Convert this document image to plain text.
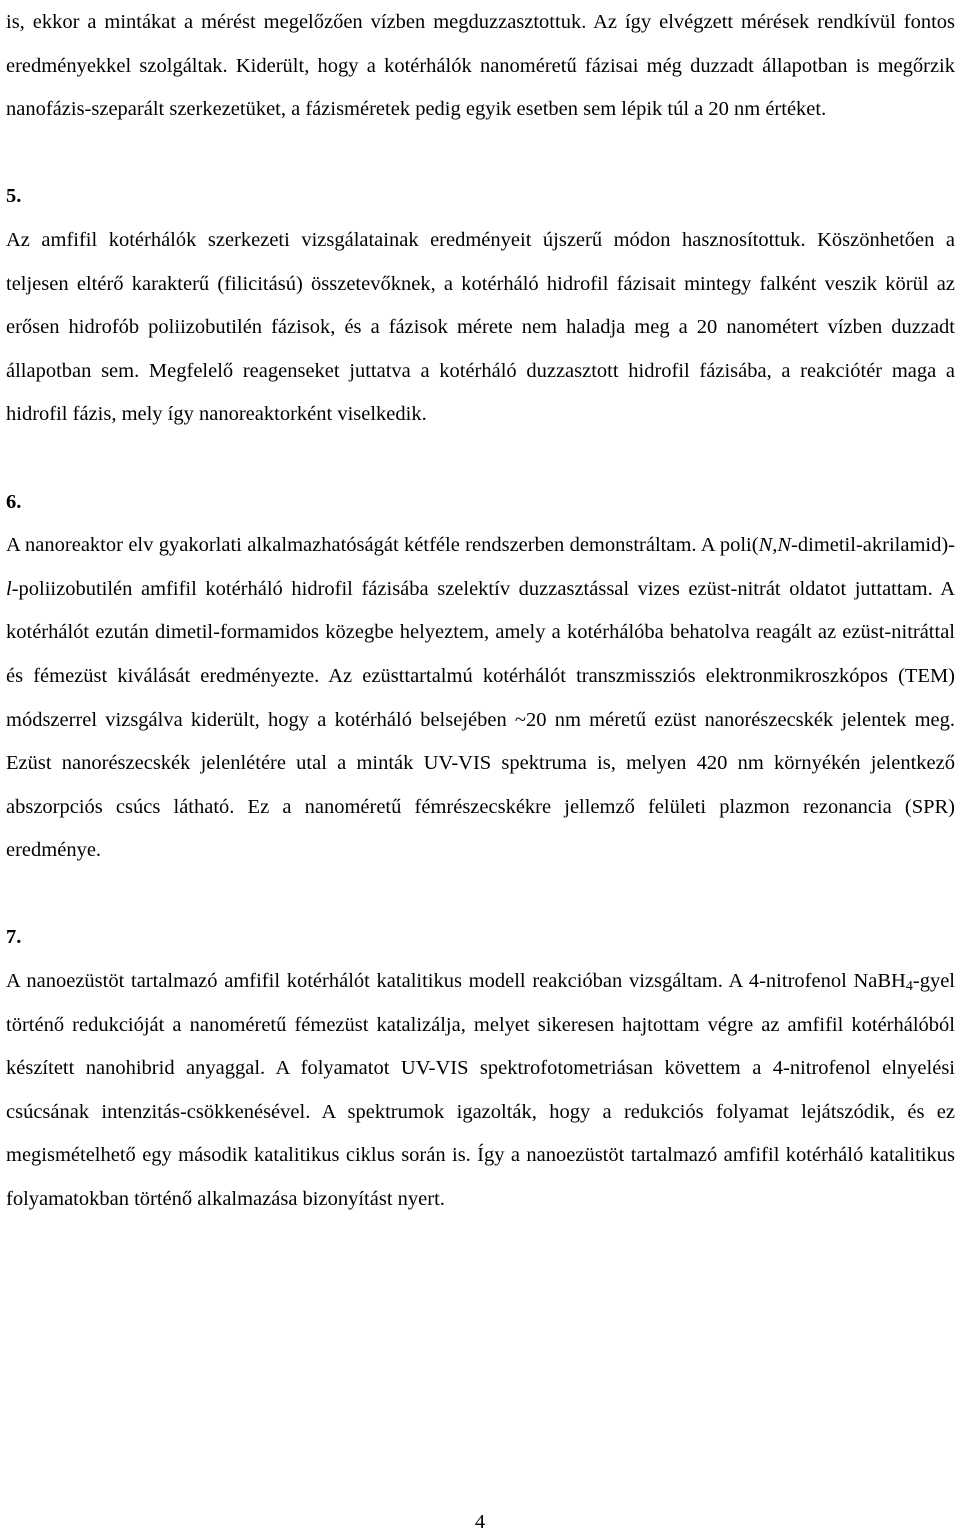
is, ekkor a mintákat a mérést megelőzően vízben megduzzasztottuk. Az így elvégzett mérések rendkívül fontos eredményekkel szolgáltak. Kiderült, hogy a kotérhálók nanoméretű fázisai még duzzadt állapotban is megőrzik nanofázis-szeparált szerkezetüket, a fázisméretek pedig egyik esetben sem lépik túl a 20 nm értéket.

5.

Az amfifil kotérhálók szerkezeti vizsgálatainak eredményeit újszerű módon hasznosítottuk. Köszönhetően a teljesen eltérő karakterű (filicitású) összetevőknek, a kotérháló hidrofil fázisait mintegy falként veszik körül az erősen hidrofób poliizobutilén fázisok, és a fázisok mérete nem haladja meg a 20 nanométert vízben duzzadt állapotban sem. Megfelelő reagenseket juttatva a kotérháló duzzasztott hidrofil fázisába, a reakciótér maga a hidrofil fázis, mely így nanoreaktorként viselkedik.

6.

A nanoreaktor elv gyakorlati alkalmazhatóságát kétféle rendszerben demonstráltam. A poli(N,N-dimetil-akrilamid)-l-poliizobutilén amfifil kotérháló hidrofil fázisába szelektív duzzasztással vizes ezüst-nitrát oldatot juttattam. A kotérhálót ezután dimetil-formamidos közegbe helyeztem, amely a kotérhálóba behatolva reagált az ezüst-nitráttal és fémezüst kiválását eredményezte. Az ezüsttartalmú kotérhálót transzmissziós elektronmikroszkópos (TEM) módszerrel vizsgálva kiderült, hogy a kotérháló belsejében ~20 nm méretű ezüst nanorészecskék jelentek meg. Ezüst nanorészecskék jelenlétére utal a minták UV-VIS spektruma is, melyen 420 nm környékén jelentkező abszorpciós csúcs látható. Ez a nanoméretű fémrészecskékre jellemző felületi plazmon rezonancia (SPR) eredménye.

7.

A nanoezüstöt tartalmazó amfifil kotérhálót katalitikus modell reakcióban vizsgáltam. A 4-nitrofenol NaBH$_4$-gyel történő redukcióját a nanoméretű fémezüst katalizálja, melyet sikeresen hajtottam végre az amfifil kotérhálóból készített nanohibrid anyaggal. A folyamatot UV-VIS spektrofotometriásan követtem a 4-nitrofenol elnyelési csúcsának intenzitás-csökkenésével. A spektrumok igazolták, hogy a redukciós folyamat lejátszódik, és ez megismételhető egy második katalitikus ciklus során is. Így a nanoezüstöt tartalmazó amfifil kotérháló katalitikus folyamatokban történő alkalmazása bizonyítást nyert.

4
